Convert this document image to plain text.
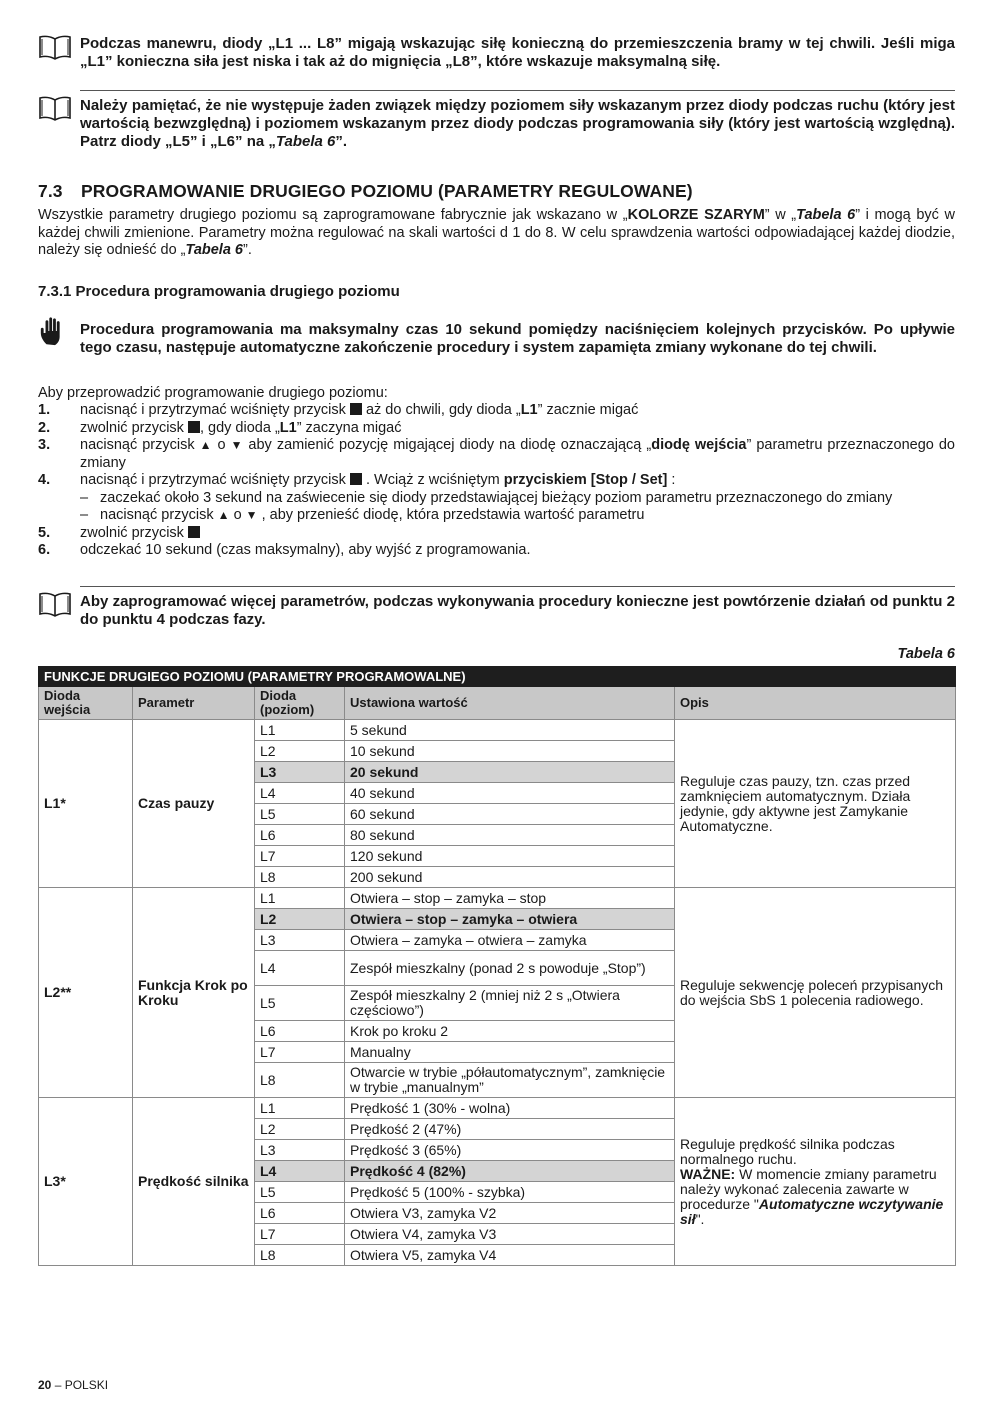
Podczas manewru, diody „L1 ... L8” migają wskazując siłę konieczną do przemieszczenia bramy w tej chwili. Jeśli miga „L1” konieczna siła jest niska i tak aż do mignięcia „L8”, które wskazuje maksymalną siłę.
Należy pamiętać, że nie występuje żaden związek między poziomem siły wskazanym przez diody podczas ruchu (który jest wartością bezwzględną) i poziomem wskazanym przez diody podczas programowania siły (który jest wartością względną). Patrz diody „L5” i „L6” na „Tabela 6”.
7.3 PROGRAMOWANIE DRUGIEGO POZIOMU (PARAMETRY REGULOWANE)
Wszystkie parametry drugiego poziomu są zaprogramowane fabrycznie jak wskazano w „KOLORZE SZARYM” w „Tabela 6” i mogą być w każdej chwili zmienione. Parametry można regulować na skali wartości d 1 do 8. W celu sprawdzenia wartości odpowiadającej każdej diodzie, należy się odnieść do „Tabela 6”.
7.3.1 Procedura programowania drugiego poziomu
Procedura programowania ma maksymalny czas 10 sekund pomiędzy naciśnięciem kolejnych przycisków. Po upływie tego czasu, następuje automatyczne zakończenie procedury i system zapamięta zmiany wykonane do tej chwili.
Aby przeprowadzić programowanie drugiego poziomu:
1. nacisnąć i przytrzymać wciśnięty przycisk  aż do chwili, gdy dioda „L1” zacznie migać
2. zwolnić przycisk , gdy dioda „L1” zaczyna migać
3. nacisnąć przycisk ▲ o ▼ aby zamienić pozycję migającej diody na diodę oznaczającą „diodę wejścia” parametru przeznaczonego do zmiany
4. nacisnąć i przytrzymać wciśnięty przycisk  . Wciąż z wciśniętym przyciskiem [Stop / Set] :
– zaczekać około 3 sekund na zaświecenie się diody przedstawiającej bieżący poziom parametru przeznaczonego do zmiany
– nacisnąć przycisk ▲ o ▼ , aby przenieść diodę, która przedstawia wartość parametru
5. zwolnić przycisk
6. odczekać 10 sekund (czas maksymalny), aby wyjść z programowania.
Aby zaprogramować więcej parametrów, podczas wykonywania procedury konieczne jest powtórzenie działań od punktu 2 do punktu 4 podczas fazy.
Tabela 6
FUNKCJE DRUGIEGO POZIOMU (PARAMETRY PROGRAMOWALNE)				
Dioda wejścia	Parametr	Dioda (poziom)	Ustawiona wartość	Opis
L1*	Czas pauzy	L1	5 sekund	Reguluje czas pauzy, tzn. czas przed zamknięciem automatycznym. Działa jedynie, gdy aktywne jest Zamykanie Automatyczne.
		L2	10 sekund	
		L3	20 sekund	
		L4	40 sekund	
		L5	60 sekund	
		L6	80 sekund	
		L7	120 sekund	
		L8	200 sekund	
L2**	Funkcja Krok po Kroku	L1	Otwiera – stop – zamyka – stop	Reguluje sekwencję poleceń przypisanych do wejścia SbS 1 polecenia radiowego.
		L2	Otwiera – stop – zamyka – otwiera	
		L3	Otwiera – zamyka – otwiera – zamyka	
		L4	Zespół mieszkalny (ponad 2 s powoduje „Stop”)	
		L5	Zespół mieszkalny 2 (mniej niż 2 s „Otwiera częściowo”)	
		L6	Krok po kroku 2	
		L7	Manualny	
		L8	Otwarcie w trybie „półautomatycznym”, zamknięcie w trybie „manualnym”	
L3*	Prędkość silnika	L1	Prędkość 1 (30% - wolna)	Reguluje prędkość silnika podczas normalnego ruchu.
WAŻNE: W momencie zmiany parametru należy wykonać zalecenia zawarte w procedurze "Automatyczne wczytywanie sił".
		L2	Prędkość 2 (47%)	
		L3	Prędkość 3 (65%)	
		L4	Prędkość 4 (82%)	
		L5	Prędkość 5 (100% - szybka)	
		L6	Otwiera V3, zamyka V2	
		L7	Otwiera V4, zamyka V3	
		L8	Otwiera V5, zamyka V4	
20 – POLSKI
